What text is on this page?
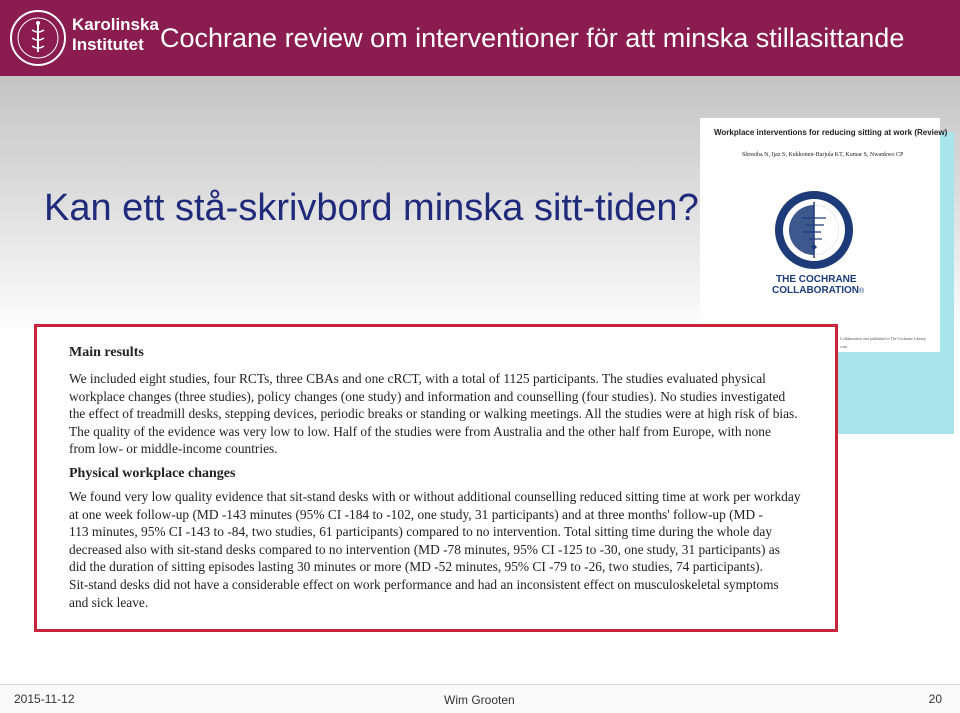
Karolinska
Institutet Cochrane review om interventioner för att minska stillasittande
Kan ett stå-skrivbord minska sitt-tiden?
Workplace interventions for reducing sitting at work (Review)
Shrestha N, Ijaz S, Kukkonen-Harjula KT, Kumar S, Nwankwo CP
THE COCHRANE
COLLABORATION®
Collaboration and published in The Cochrane Library
com
Main results
We included eight studies, four RCTs, three CBAs and one cRCT, with a total of 1125 participants. The studies evaluated physical
workplace changes (three studies), policy changes (one study) and information and counselling (four studies). No studies investigated
the effect of treadmill desks, stepping devices, periodic breaks or standing or walking meetings. All the studies were at high risk of bias.
The quality of the evidence was very low to low. Half of the studies were from Australia and the other half from Europe, with none
from low- or middle-income countries.
Physical workplace changes
We found very low quality evidence that sit-stand desks with or without additional counselling reduced sitting time at work per workday
at one week follow-up (MD -143 minutes (95% CI -184 to -102, one study, 31 participants) and at three months' follow-up (MD -
113 minutes, 95% CI -143 to -84, two studies, 61 participants) compared to no intervention. Total sitting time during the whole day
decreased also with sit-stand desks compared to no intervention (MD -78 minutes, 95% CI -125 to -30, one study, 31 participants) as
did the duration of sitting episodes lasting 30 minutes or more (MD -52 minutes, 95% CI -79 to -26, two studies, 74 participants).
Sit-stand desks did not have a considerable effect on work performance and had an inconsistent effect on musculoskeletal symptoms
and sick leave.
2015-11-12	Wim Grooten	20
